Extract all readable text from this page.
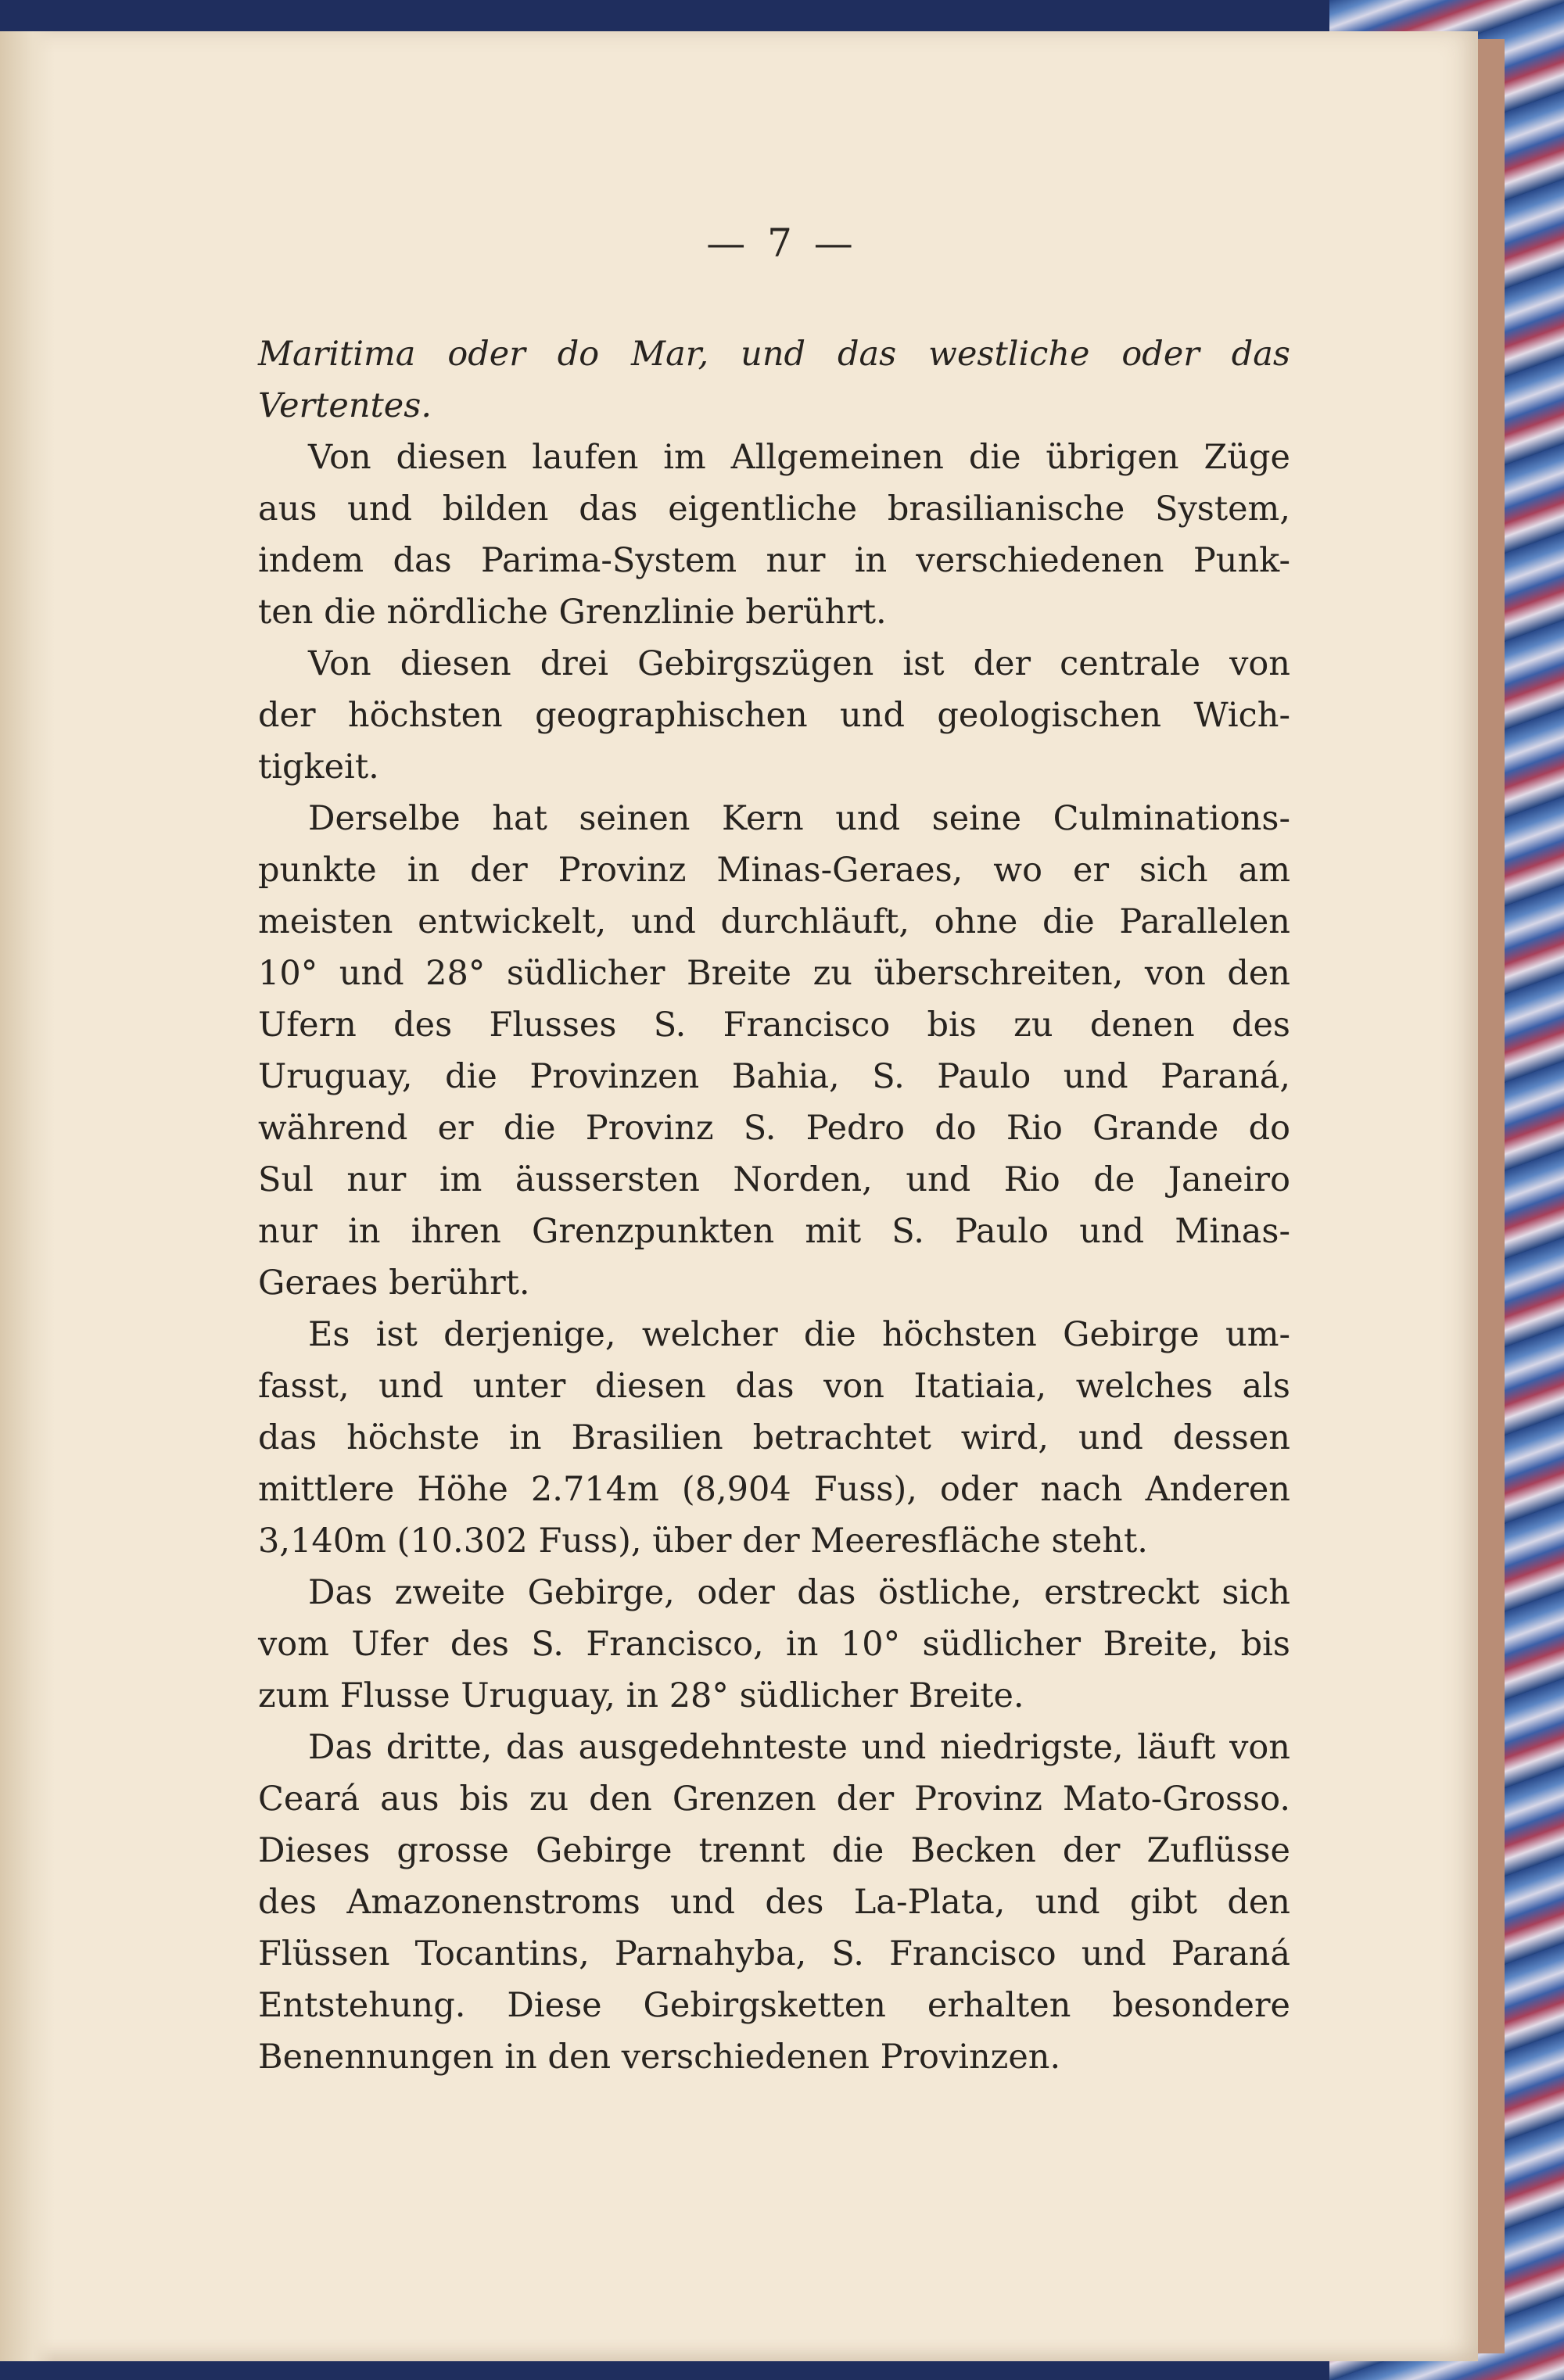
— 7 —

Maritima oder do Mar, und das westliche oder das
Vertentes.

Von diesen laufen im Allgemeinen die übrigen Züge
aus und bilden das eigentliche brasilianische System,
indem das Parima-System nur in verschiedenen Punk-
ten die nördliche Grenzlinie berührt.

Von diesen drei Gebirgszügen ist der centrale von
der höchsten geographischen und geologischen Wich-
tigkeit.

Derselbe hat seinen Kern und seine Culminations-
punkte in der Provinz Minas-Geraes, wo er sich am
meisten entwickelt, und durchläuft, ohne die Parallelen
10° und 28° südlicher Breite zu überschreiten, von den
Ufern des Flusses S. Francisco bis zu denen des
Uruguay, die Provinzen Bahia, S. Paulo und Paraná,
während er die Provinz S. Pedro do Rio Grande do
Sul nur im äussersten Norden, und Rio de Janeiro
nur in ihren Grenzpunkten mit S. Paulo und Minas-
Geraes berührt.

Es ist derjenige, welcher die höchsten Gebirge um-
fasst, und unter diesen das von Itatiaia, welches als
das höchste in Brasilien betrachtet wird, und dessen
mittlere Höhe 2.714m (8,904 Fuss), oder nach Anderen
3,140m (10.302 Fuss), über der Meeresfläche steht.

Das zweite Gebirge, oder das östliche, erstreckt sich
vom Ufer des S. Francisco, in 10° südlicher Breite, bis
zum Flusse Uruguay, in 28° südlicher Breite.

Das dritte, das ausgedehnteste und niedrigste, läuft von
Ceará aus bis zu den Grenzen der Provinz Mato-Grosso.
Dieses grosse Gebirge trennt die Becken der Zuflüsse
des Amazonenstroms und des La-Plata, und gibt den
Flüssen Tocantins, Parnahyba, S. Francisco und Paraná
Entstehung. Diese Gebirgsketten erhalten besondere
Benennungen in den verschiedenen Provinzen.
